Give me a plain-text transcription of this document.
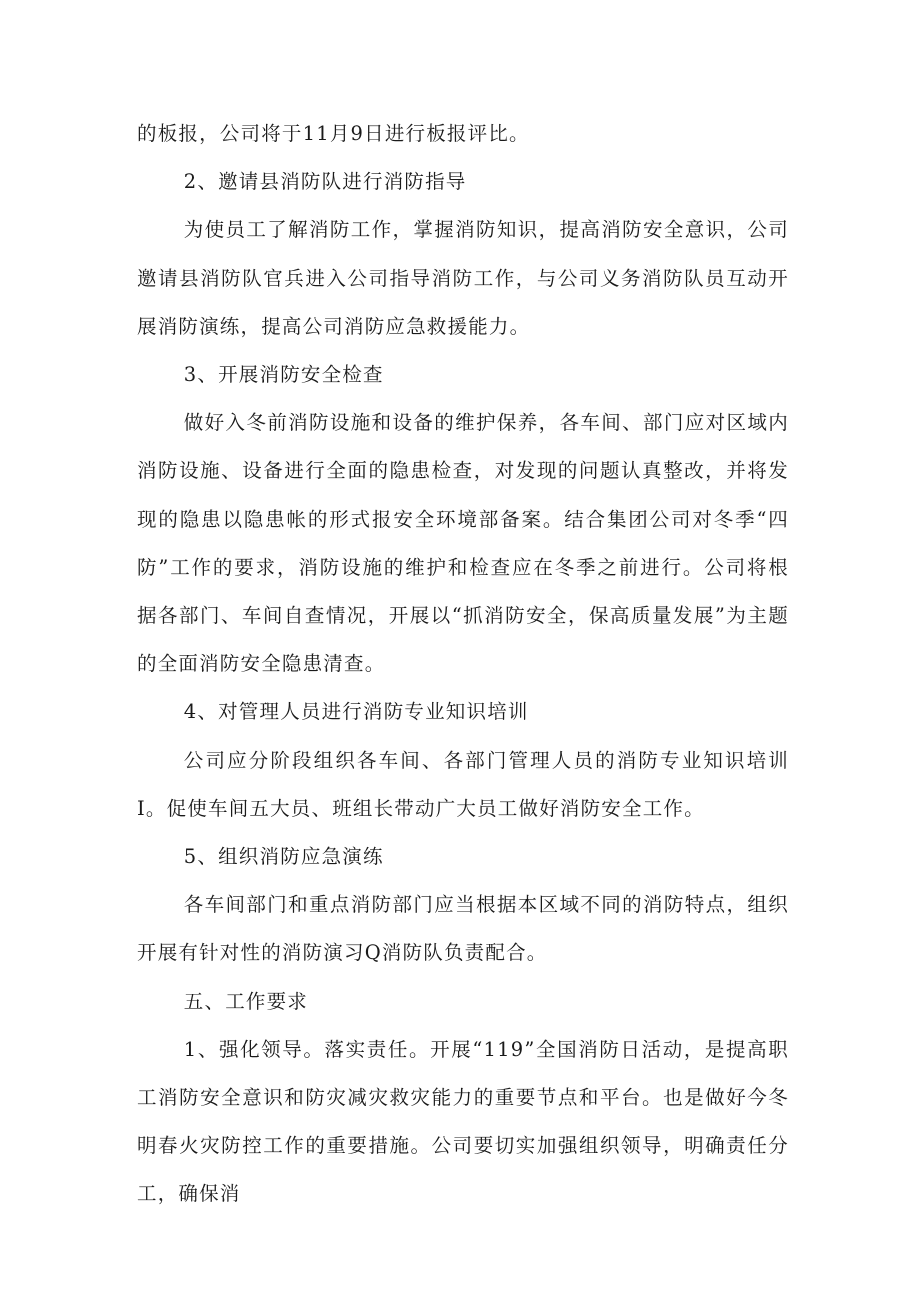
的板报，公司将于11月9日进行板报评比。

2、邀请县消防队进行消防指导

为使员工了解消防工作，掌握消防知识，提高消防安全意识，公司邀请县消防队官兵进入公司指导消防工作，与公司义务消防队员互动开展消防演练，提高公司消防应急救援能力。

3、开展消防安全检查

做好入冬前消防设施和设备的维护保养，各车间、部门应对区域内消防设施、设备进行全面的隐患检查，对发现的问题认真整改，并将发现的隐患以隐患帐的形式报安全环境部备案。结合集团公司对冬季“四防”工作的要求，消防设施的维护和检查应在冬季之前进行。公司将根据各部门、车间自查情况，开展以“抓消防安全，保高质量发展”为主题的全面消防安全隐患清查。

4、对管理人员进行消防专业知识培训

公司应分阶段组织各车间、各部门管理人员的消防专业知识培训I。促使车间五大员、班组长带动广大员工做好消防安全工作。

5、组织消防应急演练

各车间部门和重点消防部门应当根据本区域不同的消防特点，组织开展有针对性的消防演习Q消防队负责配合。

五、工作要求

1、强化领导。落实责任。开展“119”全国消防日活动，是提高职工消防安全意识和防灾减灾救灾能力的重要节点和平台。也是做好今冬明春火灾防控工作的重要措施。公司要切实加强组织领导，明确责任分工，确保消
